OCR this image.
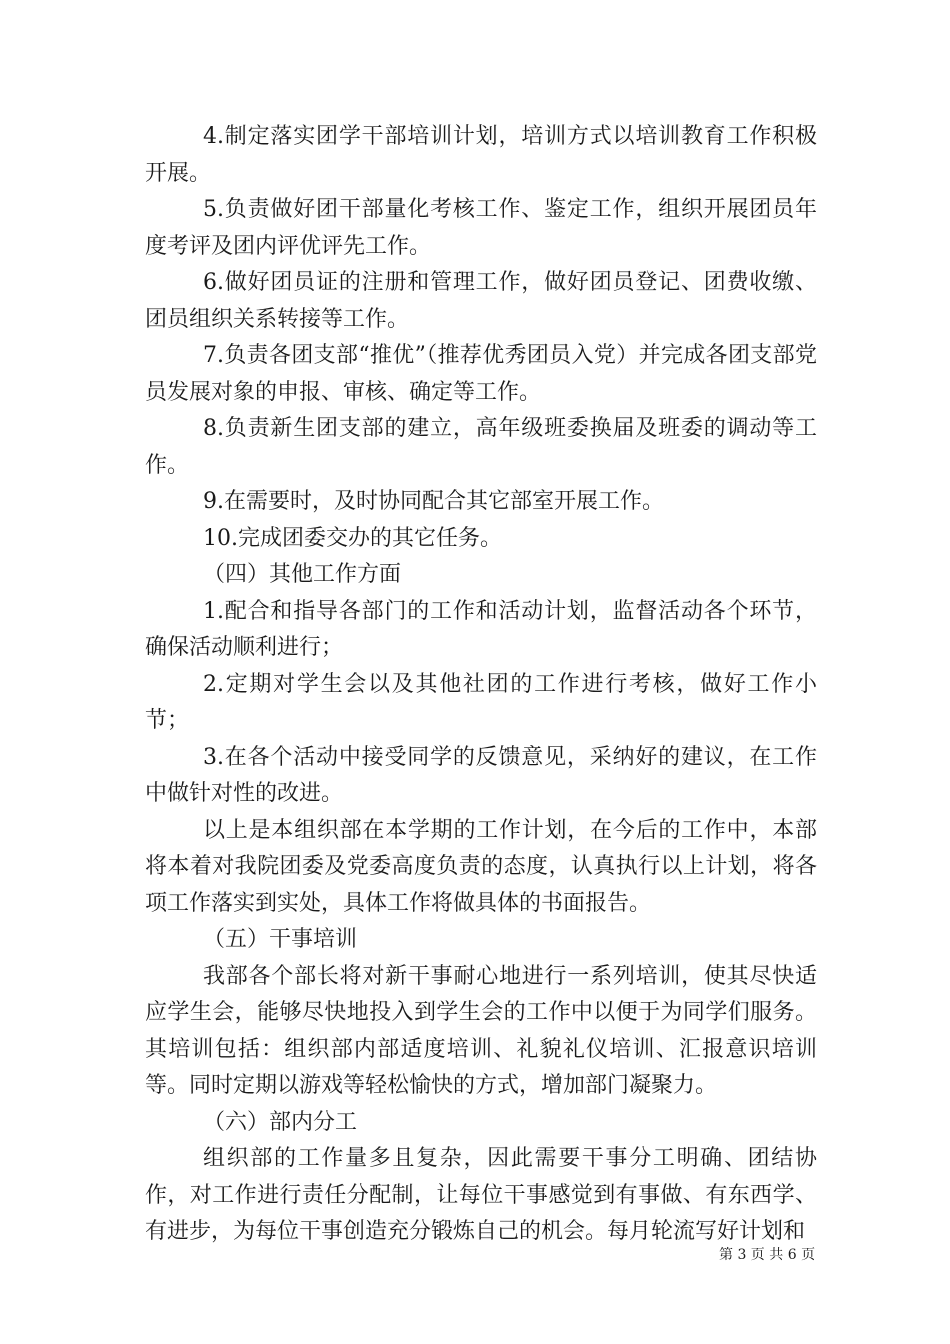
4.制定落实团学干部培训计划，培训方式以培训教育工作积极开展。

5.负责做好团干部量化考核工作、鉴定工作，组织开展团员年度考评及团内评优评先工作。

6.做好团员证的注册和管理工作，做好团员登记、团费收缴、团员组织关系转接等工作。

7.负责各团支部“推优”（推荐优秀团员入党）并完成各团支部党员发展对象的申报、审核、确定等工作。

8.负责新生团支部的建立，高年级班委换届及班委的调动等工作。

9.在需要时，及时协同配合其它部室开展工作。

10.完成团委交办的其它任务。

（四）其他工作方面

1.配合和指导各部门的工作和活动计划，监督活动各个环节，确保活动顺利进行；

2.定期对学生会以及其他社团的工作进行考核，做好工作小节；

3.在各个活动中接受同学的反馈意见，采纳好的建议，在工作中做针对性的改进。

以上是本组织部在本学期的工作计划，在今后的工作中，本部将本着对我院团委及党委高度负责的态度，认真执行以上计划，将各项工作落实到实处，具体工作将做具体的书面报告。

（五）干事培训

我部各个部长将对新干事耐心地进行一系列培训，使其尽快适应学生会，能够尽快地投入到学生会的工作中以便于为同学们服务。其培训包括：组织部内部适度培训、礼貌礼仪培训、汇报意识培训等。同时定期以游戏等轻松愉快的方式，增加部门凝聚力。

（六）部内分工

组织部的工作量多且复杂，因此需要干事分工明确、团结协作，对工作进行责任分配制，让每位干事感觉到有事做、有东西学、有进步，为每位干事创造充分锻炼自己的机会。每月轮流写好计划和

第 3 页 共 6 页
